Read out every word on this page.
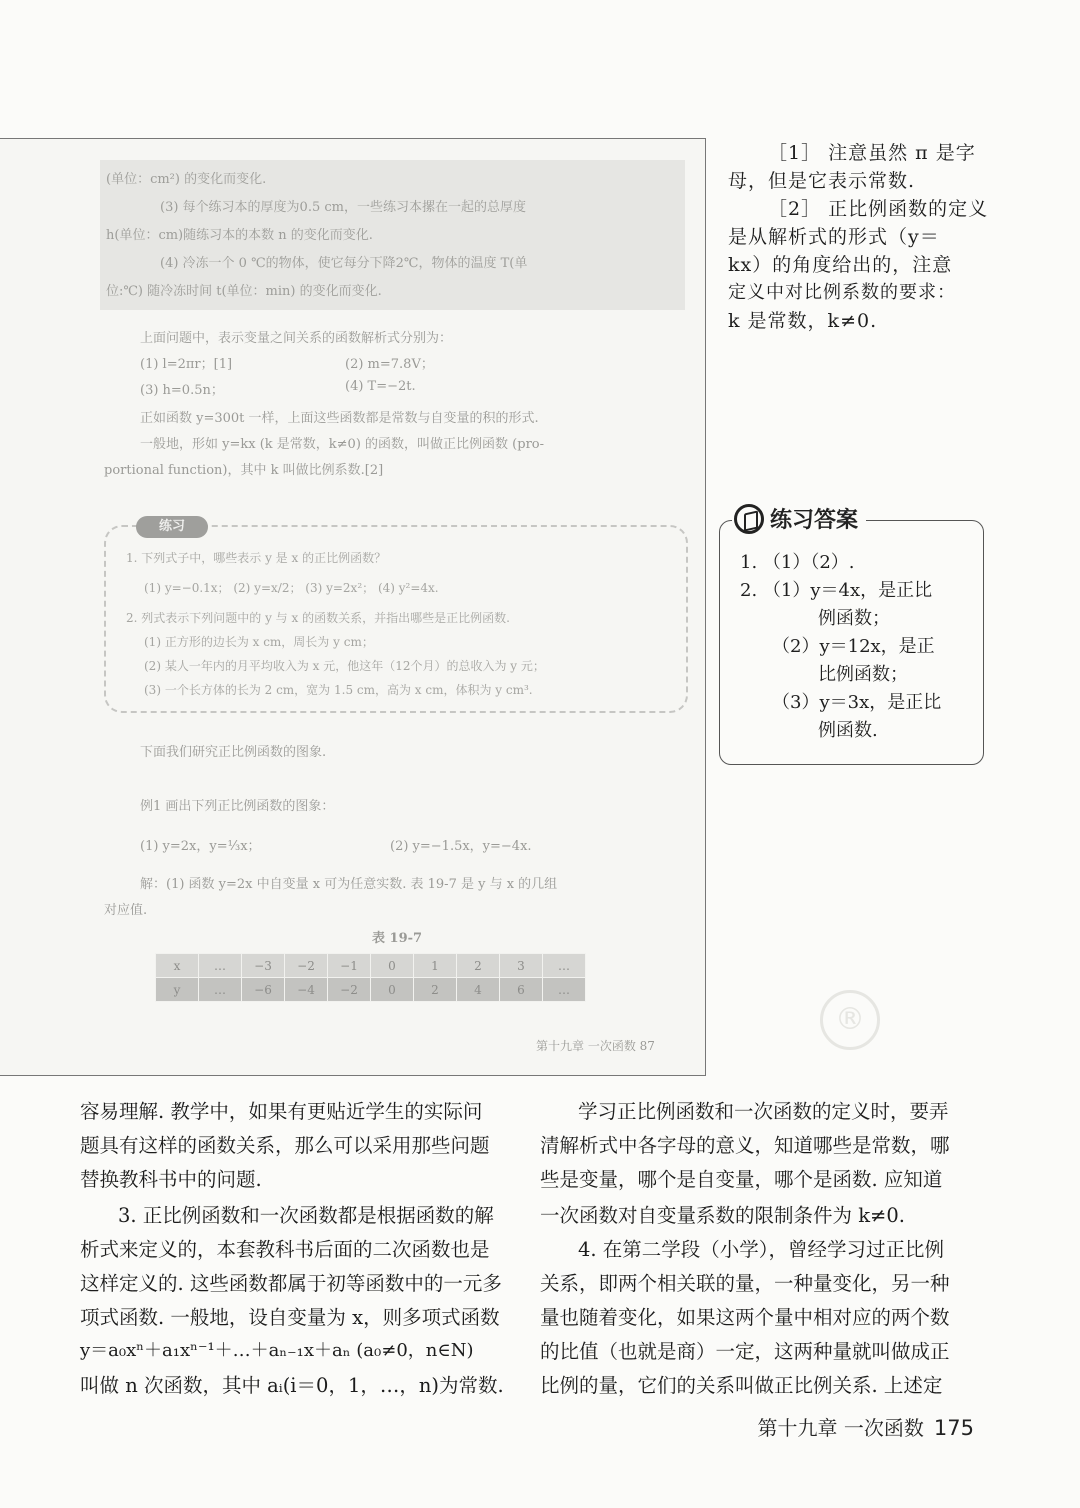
(单位：cm²) 的变化而变化.
(3) 每个练习本的厚度为0.5 cm，一些练习本摞在一起的总厚度
h(单位：cm)随练习本的本数 n 的变化而变化.
(4) 冷冻一个 0 ℃的物体，使它每分下降2℃，物体的温度 T(单
位:℃) 随冷冻时间 t(单位：min) 的变化而变化.
上面问题中，表示变量之间关系的函数解析式分别为：
(1) l=2πr；[1]	(2) m=7.8V；
(3) h=0.5n；	(4) T=−2t.
正如函数 y=300t 一样，上面这些函数都是常数与自变量的积的形式.
一般地，形如 y=kx (k 是常数，k≠0) 的函数，叫做正比例函数 (pro-
portional function)，其中 k 叫做比例系数.[2]
练习
1. 下列式子中，哪些表示 y 是 x 的正比例函数？
(1) y=−0.1x； (2) y=x/2； (3) y=2x²； (4) y²=4x.
2. 列式表示下列问题中的 y 与 x 的函数关系，并指出哪些是正比例函数.
(1) 正方形的边长为 x cm，周长为 y cm；
(2) 某人一年内的月平均收入为 x 元，他这年（12个月）的总收入为 y 元；
(3) 一个长方体的长为 2 cm，宽为 1.5 cm，高为 x cm，体积为 y cm³.
下面我们研究正比例函数的图象.
例1 画出下列正比例函数的图象：
(1) y=2x，y=⅓x；	(2) y=−1.5x，y=−4x.
解：(1) 函数 y=2x 中自变量 x 可为任意实数. 表 19-7 是 y 与 x 的几组
对应值.
表 19-7
x	…	−3	−2	−1	0	1	2	3	…
y	…	−6	−4	−2	0	2	4	6	…
第十九章 一次函数 87
®
［1］ 注意虽然 π 是字
母，但是它表示常数.
［2］ 正比例函数的定义
是从解析式的形式（y＝
kx）的角度给出的，注意
定义中对比例系数的要求：
k 是常数，k≠0.
练习答案
1. （1）（2）.
2. （1）y＝4x，是正比
例函数；
（2）y＝12x，是正
比例函数；
（3）y＝3x，是正比
例函数.
容易理解. 教学中，如果有更贴近学生的实际问
题具有这样的函数关系，那么可以采用那些问题
替换教科书中的问题.
3. 正比例函数和一次函数都是根据函数的解
析式来定义的，本套教科书后面的二次函数也是
这样定义的. 这些函数都属于初等函数中的一元多
项式函数. 一般地，设自变量为 x，则多项式函数
y＝a₀xⁿ＋a₁xⁿ⁻¹＋…＋aₙ₋₁x＋aₙ (a₀≠0，n∈N)
叫做 n 次函数，其中 aᵢ(i＝0，1，…，n)为常数.
学习正比例函数和一次函数的定义时，要弄
清解析式中各字母的意义，知道哪些是常数，哪
些是变量，哪个是自变量，哪个是函数. 应知道
一次函数对自变量系数的限制条件为 k≠0.
4. 在第二学段（小学），曾经学习过正比例
关系，即两个相关联的量，一种量变化，另一种
量也随着变化，如果这两个量中相对应的两个数
的比值（也就是商）一定，这两种量就叫做成正
比例的量，它们的关系叫做正比例关系. 上述定
第十九章 一次函数 175
